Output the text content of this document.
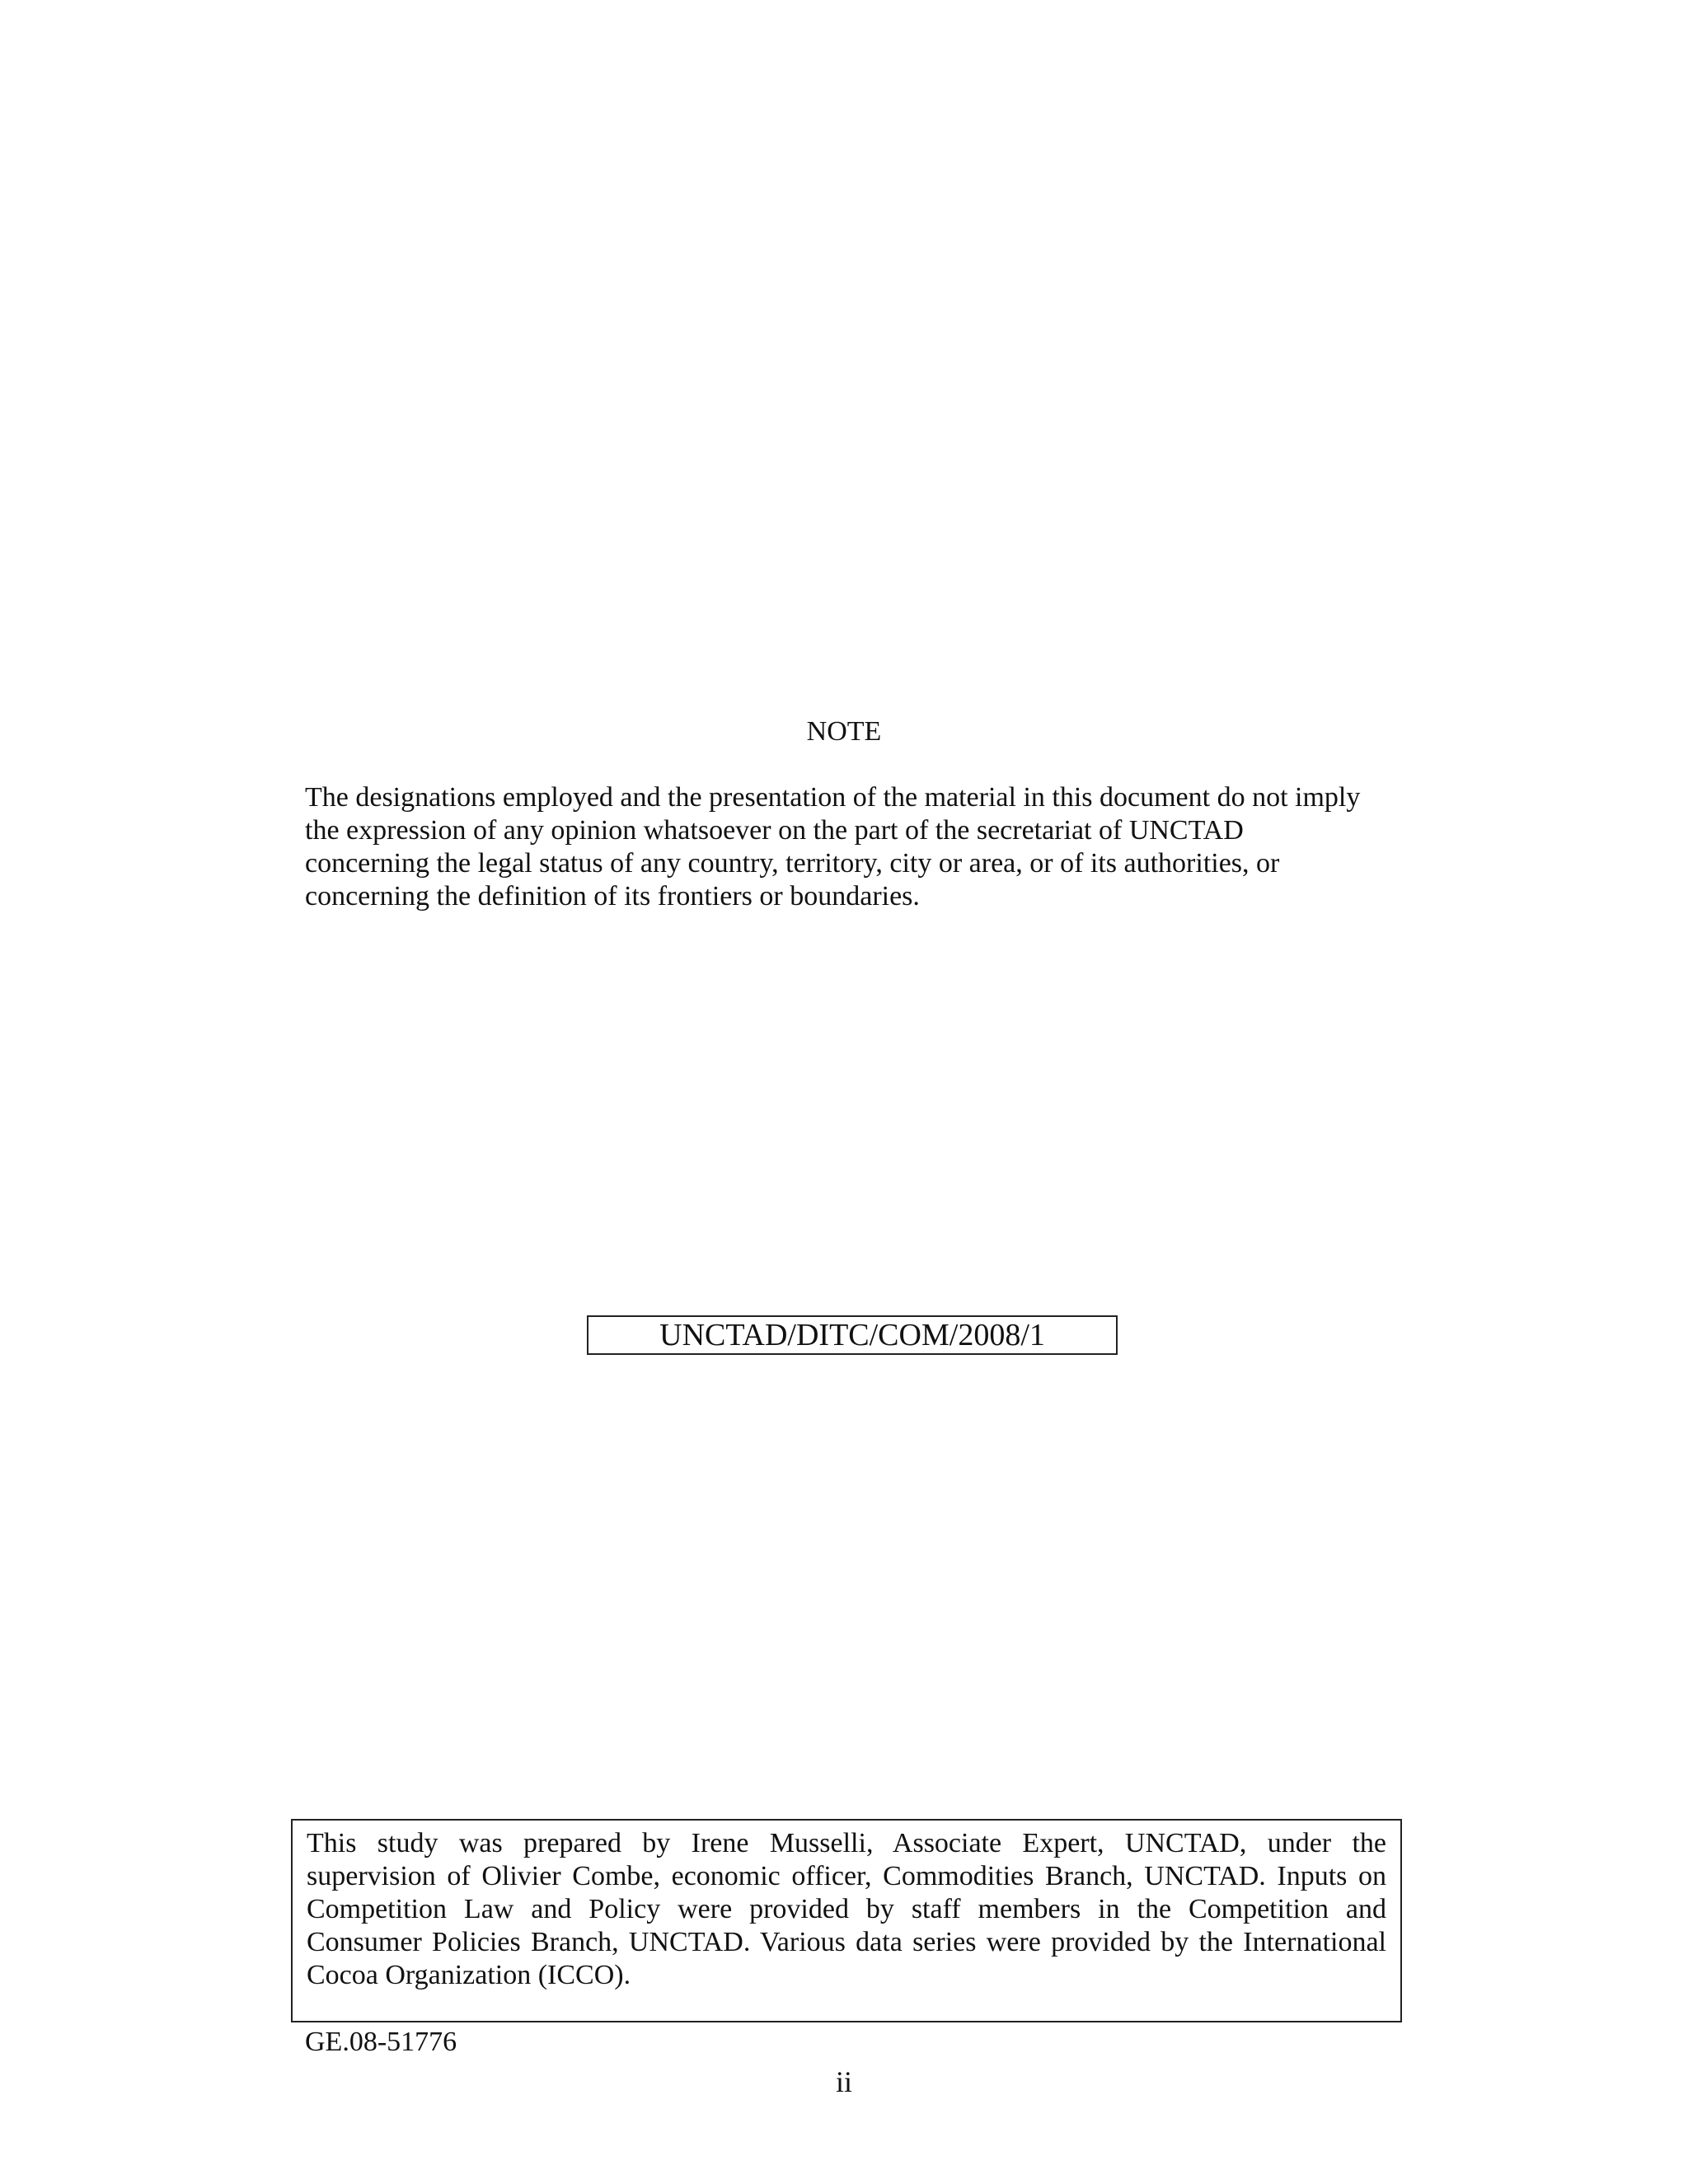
NOTE
The designations employed and the presentation of the material in this document do not imply
the expression of any opinion whatsoever on the part of the secretariat of UNCTAD
concerning the legal status of any country, territory, city or area, or of its authorities, or
concerning the definition of its frontiers or boundaries.
UNCTAD/DITC/COM/2008/1
This study was prepared by Irene Musselli, Associate Expert, UNCTAD, under the
supervision of Olivier Combe, economic officer, Commodities Branch, UNCTAD. Inputs on
Competition Law and Policy were provided by staff members in the Competition and
Consumer Policies Branch, UNCTAD. Various data series were provided by the International
Cocoa Organization (ICCO).
GE.08-51776
ii
